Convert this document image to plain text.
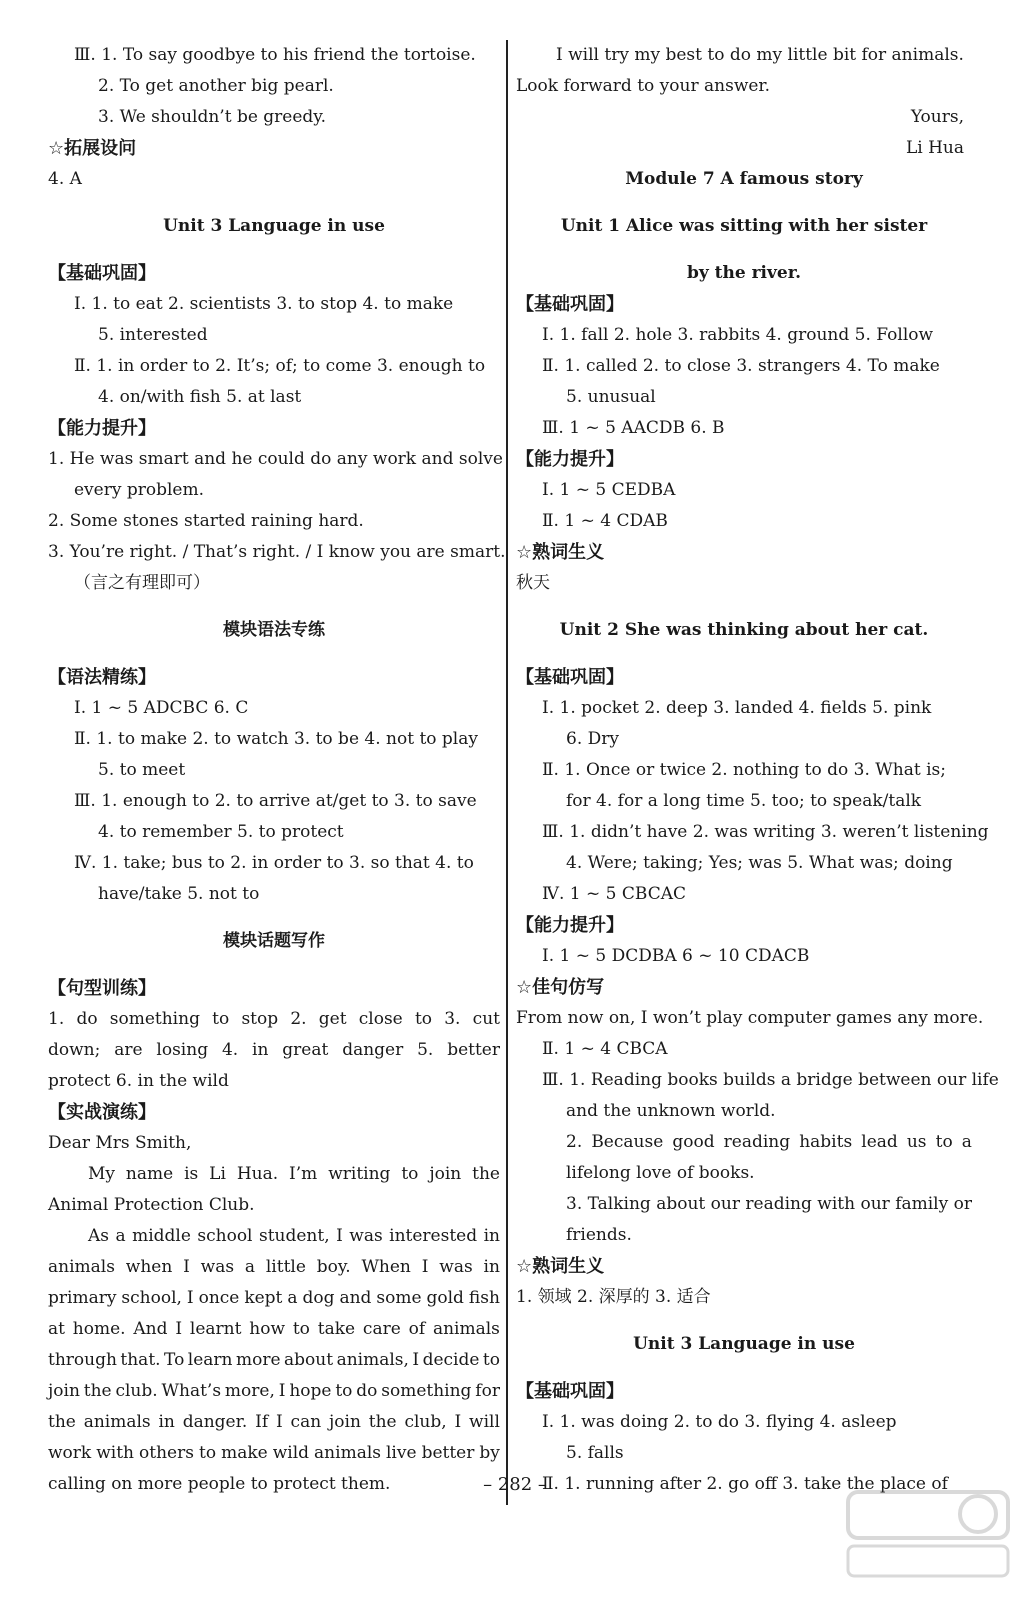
Ⅲ. 1. To say goodbye to his friend the tortoise.
2. To get another big pearl.
3. We shouldn’t be greedy.
☆拓展设问
4. A
Unit 3 Language in use
【基础巩固】
Ⅰ. 1. to eat 2. scientists 3. to stop 4. to make
5. interested
Ⅱ. 1. in order to 2. It’s; of; to come 3. enough to
4. on/with fish 5. at last
【能力提升】
1. He was smart and he could do any work and solve
every problem.
2. Some stones started raining hard.
3. You’re right. / That’s right. / I know you are smart.
（言之有理即可）
模块语法专练
【语法精练】
Ⅰ. 1 ~ 5 ADCBC 6. C
Ⅱ. 1. to make 2. to watch 3. to be 4. not to play
5. to meet
Ⅲ. 1. enough to 2. to arrive at/get to 3. to save
4. to remember 5. to protect
Ⅳ. 1. take; bus to 2. in order to 3. so that 4. to
have/take 5. not to
模块话题写作
【句型训练】
1. do something to stop 2. get close to 3. cut
down; are losing 4. in great danger 5. better
protect 6. in the wild
【实战演练】
Dear Mrs Smith,
My name is Li Hua. I’m writing to join the
Animal Protection Club.
As a middle school student, I was interested in
animals when I was a little boy. When I was in
primary school, I once kept a dog and some gold fish
at home. And I learnt how to take care of animals
through that. To learn more about animals, I decide to
join the club. What’s more, I hope to do something for
the animals in danger. If I can join the club, I will
work with others to make wild animals live better by
calling on more people to protect them.
I will try my best to do my little bit for animals.
Look forward to your answer.
Yours,
Li Hua
Module 7 A famous story
Unit 1 Alice was sitting with her sister
by the river.
【基础巩固】
Ⅰ. 1. fall 2. hole 3. rabbits 4. ground 5. Follow
Ⅱ. 1. called 2. to close 3. strangers 4. To make
5. unusual
Ⅲ. 1 ~ 5 AACDB 6. B
【能力提升】
Ⅰ. 1 ~ 5 CEDBA
Ⅱ. 1 ~ 4 CDAB
☆熟词生义
秋天
Unit 2 She was thinking about her cat.
【基础巩固】
Ⅰ. 1. pocket 2. deep 3. landed 4. fields 5. pink
6. Dry
Ⅱ. 1. Once or twice 2. nothing to do 3. What is;
for 4. for a long time 5. too; to speak/talk
Ⅲ. 1. didn’t have 2. was writing 3. weren’t listening
4. Were; taking; Yes; was 5. What was; doing
Ⅳ. 1 ~ 5 CBCAC
【能力提升】
Ⅰ. 1 ~ 5 DCDBA 6 ~ 10 CDACB
☆佳句仿写
From now on, I won’t play computer games any more.
Ⅱ. 1 ~ 4 CBCA
Ⅲ. 1. Reading books builds a bridge between our life
and the unknown world.
2. Because good reading habits lead us to a
lifelong love of books.
3. Talking about our reading with our family or
friends.
☆熟词生义
1. 领域 2. 深厚的 3. 适合
Unit 3 Language in use
【基础巩固】
Ⅰ. 1. was doing 2. to do 3. flying 4. asleep
5. falls
Ⅱ. 1. running after 2. go off 3. take the place of
– 282 –
